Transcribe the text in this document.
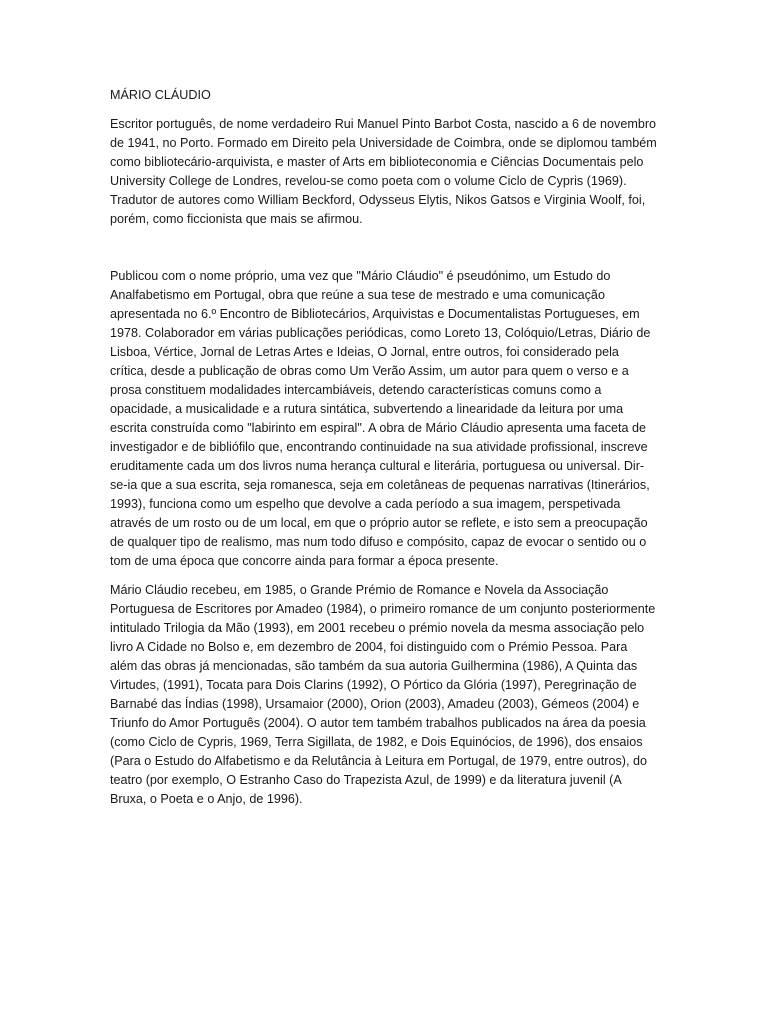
MÁRIO CLÁUDIO

Escritor português, de nome verdadeiro Rui Manuel Pinto Barbot Costa, nascido a 6 de novembro de 1941, no Porto. Formado em Direito pela Universidade de Coimbra, onde se diplomou também como bibliotecário-arquivista, e master of Arts em biblioteconomia e Ciências Documentais pelo University College de Londres, revelou-se como poeta com o volume Ciclo de Cypris (1969). Tradutor de autores como William Beckford, Odysseus Elytis, Nikos Gatsos e Virginia Woolf, foi, porém, como ficcionista que mais se afirmou.

Publicou com o nome próprio, uma vez que "Mário Cláudio" é pseudónimo, um Estudo do Analfabetismo em Portugal, obra que reúne a sua tese de mestrado e uma comunicação apresentada no 6.º Encontro de Bibliotecários, Arquivistas e Documentalistas Portugueses, em 1978. Colaborador em várias publicações periódicas, como Loreto 13, Colóquio/Letras, Diário de Lisboa, Vértice, Jornal de Letras Artes e Ideias, O Jornal, entre outros, foi considerado pela crítica, desde a publicação de obras como Um Verão Assim, um autor para quem o verso e a prosa constituem modalidades intercambiáveis, detendo características comuns como a opacidade, a musicalidade e a rutura sintática, subvertendo a linearidade da leitura por uma escrita construída como "labirinto em espiral". A obra de Mário Cláudio apresenta uma faceta de investigador e de bibliófilo que, encontrando continuidade na sua atividade profissional, inscreve eruditamente cada um dos livros numa herança cultural e literária, portuguesa ou universal. Dir-se-ia que a sua escrita, seja romanesca, seja em coletâneas de pequenas narrativas (Itinerários, 1993), funciona como um espelho que devolve a cada período a sua imagem, perspetivada através de um rosto ou de um local, em que o próprio autor se reflete, e isto sem a preocupação de qualquer tipo de realismo, mas num todo difuso e compósito, capaz de evocar o sentido ou o tom de uma época que concorre ainda para formar a época presente.

Mário Cláudio recebeu, em 1985, o Grande Prémio de Romance e Novela da Associação Portuguesa de Escritores por Amadeo (1984), o primeiro romance de um conjunto posteriormente intitulado Trilogia da Mão (1993), em 2001 recebeu o prémio novela da mesma associação pelo livro A Cidade no Bolso e, em dezembro de 2004, foi distinguido com o Prémio Pessoa. Para além das obras já mencionadas, são também da sua autoria Guilhermina (1986), A Quinta das Virtudes, (1991), Tocata para Dois Clarins (1992), O Pórtico da Glória (1997), Peregrinação de Barnabé das Índias (1998), Ursamaior (2000), Orion (2003), Amadeu (2003), Gémeos (2004) e Triunfo do Amor Português (2004). O autor tem também trabalhos publicados na área da poesia (como Ciclo de Cypris, 1969, Terra Sigillata, de 1982, e Dois Equinócios, de 1996), dos ensaios (Para o Estudo do Alfabetismo e da Relutância à Leitura em Portugal, de 1979, entre outros), do teatro (por exemplo, O Estranho Caso do Trapezista Azul, de 1999) e da literatura juvenil (A Bruxa, o Poeta e o Anjo, de 1996).
